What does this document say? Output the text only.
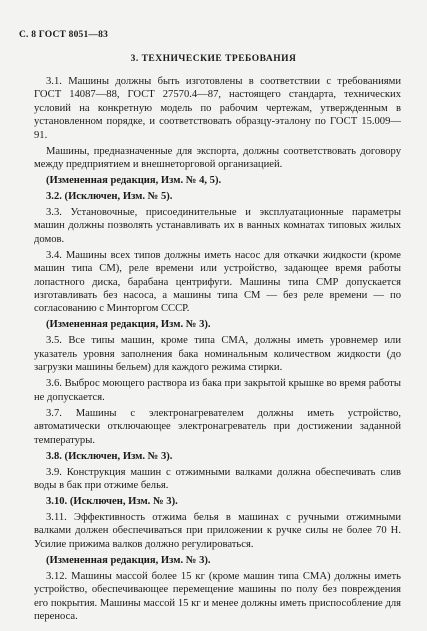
С. 8 ГОСТ 8051—83
3. ТЕХНИЧЕСКИЕ ТРЕБОВАНИЯ

3.1. Машины должны быть изготовлены в соответствии с требованиями ГОСТ 14087—88, ГОСТ 27570.4—87, настоящего стандарта, технических условий на конкретную модель по рабочим чертежам, утвержденным в установленном порядке, и соответствовать образцу-эталону по ГОСТ 15.009—91.

Машины, предназначенные для экспорта, должны соответствовать договору между предприятием и внешнеторговой организацией.

(Измененная редакция, Изм. № 4, 5).

3.2. (Исключен, Изм. № 5).

3.3. Установочные, присоединительные и эксплуатационные параметры машин должны позволять устанавливать их в ванных комнатах типовых жилых домов.

3.4. Машины всех типов должны иметь насос для откачки жидкости (кроме машин типа СМ), реле времени или устройство, задающее время работы лопастного диска, барабана центрифуги. Машины типа СМР допускается изготавливать без насоса, а машины типа СМ — без реле времени — по согласованию с Минторгом СССР.

(Измененная редакция, Изм. № 3).

3.5. Все типы машин, кроме типа СМА, должны иметь уровнемер или указатель уровня заполнения бака номинальным количеством жидкости (до загрузки машины бельем) для каждого режима стирки.

3.6. Выброс моющего раствора из бака при закрытой крышке во время работы не допускается.

3.7. Машины с электронагревателем должны иметь устройство, автоматически отключающее электронагреватель при достижении заданной температуры.

3.8. (Исключен, Изм. № 3).

3.9. Конструкция машин с отжимными валками должна обеспечивать слив воды в бак при отжиме белья.

3.10. (Исключен, Изм. № 3).

3.11. Эффективность отжима белья в машинах с ручными отжимными валками должен обеспечиваться при приложении к ручке силы не более 70 Н. Усилие прижима валков должно регулироваться.

(Измененная редакция, Изм. № 3).

3.12. Машины массой более 15 кг (кроме машин типа СМА) должны иметь устройство, обеспечивающее перемещение машины по полу без повреждения его покрытия. Машины массой 15 кг и менее должны иметь приспособление для переноса.
